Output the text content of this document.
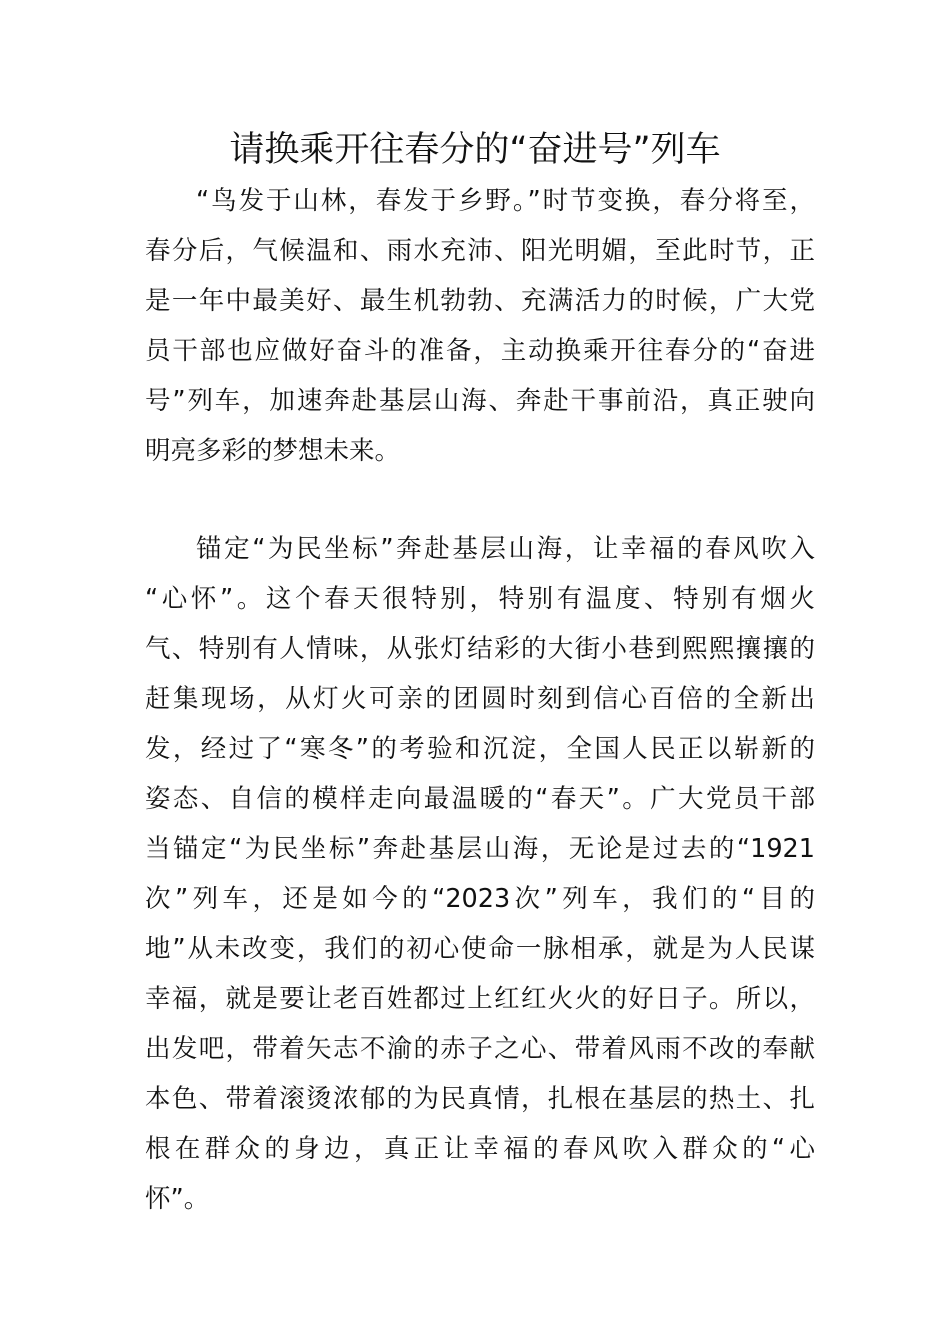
请换乘开往春分的“奋进号”列车
“鸟发于山林，春发于乡野。”时节变换，春分将至，
春分后，气候温和、雨水充沛、阳光明媚，至此时节，正
是一年中最美好、最生机勃勃、充满活力的时候，广大党
员干部也应做好奋斗的准备，主动换乘开往春分的“奋进
号”列车，加速奔赴基层山海、奔赴干事前沿，真正驶向
明亮多彩的梦想未来。
锚定“为民坐标”奔赴基层山海，让幸福的春风吹入
“心怀”。这个春天很特别，特别有温度、特别有烟火
气、特别有人情味，从张灯结彩的大街小巷到熙熙攘攘的
赶集现场，从灯火可亲的团圆时刻到信心百倍的全新出
发，经过了“寒冬”的考验和沉淀，全国人民正以崭新的
姿态、自信的模样走向最温暖的“春天”。广大党员干部
当锚定“为民坐标”奔赴基层山海，无论是过去的“1921
次”列车，还是如今的“2023次”列车，我们的“目的
地”从未改变，我们的初心使命一脉相承，就是为人民谋
幸福，就是要让老百姓都过上红红火火的好日子。所以，
出发吧，带着矢志不渝的赤子之心、带着风雨不改的奉献
本色、带着滚烫浓郁的为民真情，扎根在基层的热土、扎
根在群众的身边，真正让幸福的春风吹入群众的“心
怀”。
